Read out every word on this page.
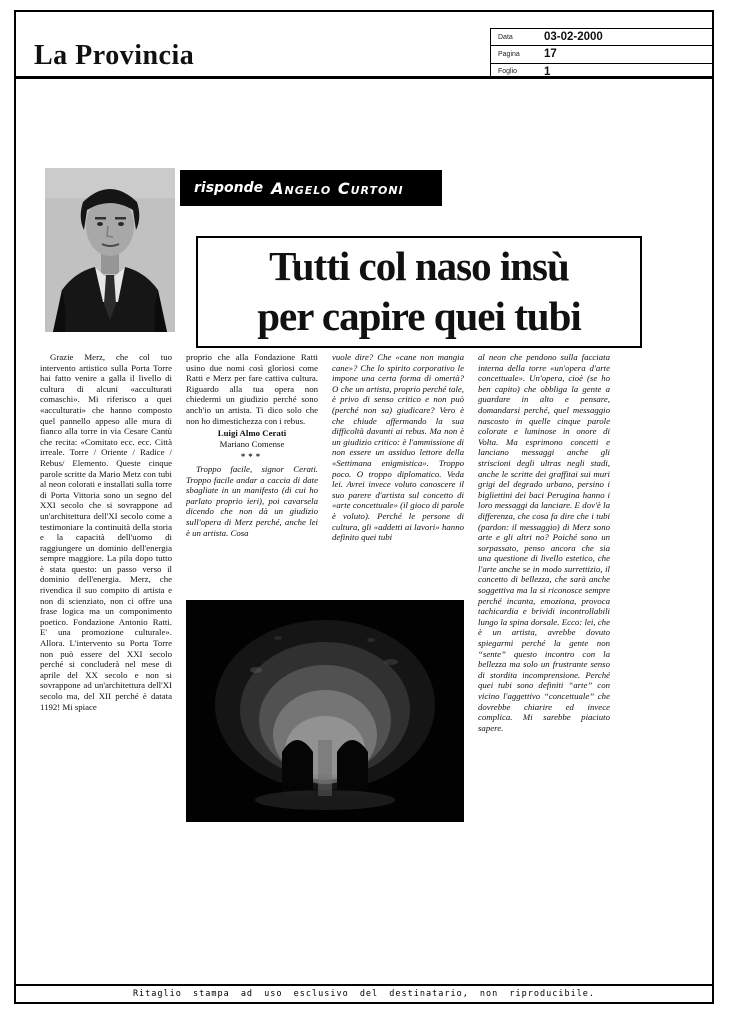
La Provincia
Data	03-02-2000
Pagina	17
Foglio	1
risponde Angelo Curtoni
Tutti col naso insù
per capire quei tubi
Grazie Merz, che col tuo intervento artistico sulla Porta Torre hai fatto venire a galla il livello di cultura di alcuni «acculturati comaschi». Mi riferisco a quei «acculturati» che hanno composto quel pannello appeso alle mura di fianco alla torre in via Cesare Cantù che recita: «Comitato ecc. ecc. Città irreale. Torre / Oriente / Radice / Rebus/ Elemento. Queste cinque parole scritte da Mario Metz con tubi al neon colorati e installati sulla torre di Porta Vittoria sono un segno del XXI secolo che si sovrappone ad un'architettura dell'XI secolo come a testimoniare la continuità della storia e la capacità dell'uomo di raggiungere un dominio dell'energia sempre maggiore. La pila dopo tutto è stata questo: un passo verso il dominio dell'energia. Merz, che rivendica il suo compito di artista e non di scienziato, non ci offre una frase logica ma un componimento poetico. Fondazione Antonio Ratti. E' una promozione culturale». Allora. L'intervento su Porta Torre non può essere del XXI secolo perché si concluderà nel mese di aprile del XX secolo e non si sovrappone ad un'architettura dell'XI secolo ma, del XII perché è datata 1192! Mi spiace
proprio che alla Fondazione Ratti usino due nomi così gloriosi come Ratti e Merz per fare cattiva cultura. Riguardo alla tua opera non chiedermi un giudizio perché sono anch'io un artista. Ti dico solo che non ho dimestichezza con i rebus.
Luigi Almo Cerati
Mariano Comense
***
Troppo facile, signor Cerati. Troppo facile andar a caccia di date sbagliate in un manifesto (di cui ho parlato proprio ieri), poi cavarsela dicendo che non dà un giudizio sull'opera di Merz perché, anche lei è un artista. Cosa
vuole dire? Che «cane non mangia cane»? Che lo spirito corporativo le impone una certa forma di omertà? O che un artista, proprio perché tale, è privo di senso critico e non può (perché non sa) giudicare? Vero è che chiude affermando la sua difficoltà davanti ai rebus. Ma non è un giudizio critico: è l'ammissione di non essere un assiduo lettore della «Settimana enigmistica». Troppo poco. O troppo diplomatico. Veda lei. Avrei invece voluto conoscere il suo parere d'artista sul concetto di «arte concettuale» (il gioco di parole è voluto). Perché le persone di cultura, gli «addetti ai lavori» hanno definito quei tubi
al neon che pendono sulla facciata interna della torre «un'opera d'arte concettuale». Un'opera, cioè (se ho ben capito) che obbliga la gente a guardare in alto e pensare, domandarsi perché, quel messaggio nascosto in quelle cinque parole colorate e luminose in onore di Volta. Ma esprimono concetti e lanciano messaggi anche gli striscioni degli ultras negli stadi, anche le scritte dei graffitai sui muri grigi del degrado urbano, persino i bigliettini dei baci Perugina hanno i loro messaggi da lanciare. E dov'è la differenza, che cosa fa dire che i tubi (pardon: il messaggio) di Merz sono arte e gli altri no? Poiché sono un sorpassato, penso ancora che sia una questione di livello estetico, che l'arte anche se in modo surrettizio, il concetto di bellezza, che sarà anche soggettiva ma la si riconosce sempre perché incanta, emoziona, provoca tachicardia e brividi incontrollabili lungo la spina dorsale. Ecco: lei, che è un artista, avrebbe dovuto spiegarmi perché la gente non “sente” questo incontro con la bellezza ma solo un frustrante senso di stordita incomprensione. Perché quei tubi sono definiti “arte” con vicino l'aggettivo “concettuale” che dovrebbe chiarire ed invece complica. Mi sarebbe piaciuto sapere.
Ritaglio stampa ad uso esclusivo del destinatario, non riproducibile.
